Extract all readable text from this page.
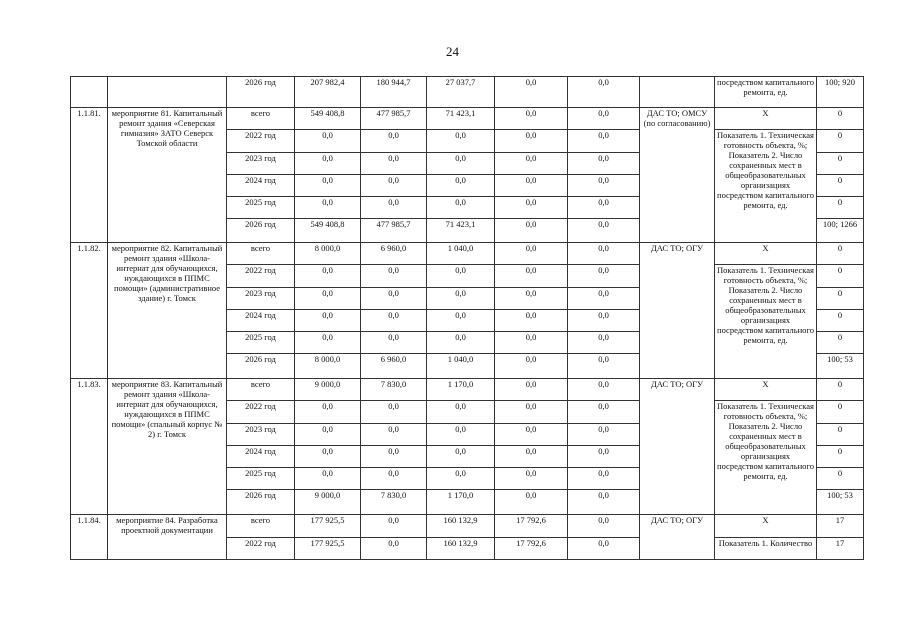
24
		2026 год	207 982,4	180 944,7	27 037,7	0,0	0,0		посредством капитального ремонта, ед.	100; 920
1.1.81.	мероприятие 81. Капитальный ремонт здания «Северская гимназия» ЗАТО Северск Томской области	всего	549 408,8	477 985,7	71 423,1	0,0	0,0	ДАС ТО; ОМСУ (по согласованию)	Х	0
		2022 год	0,0	0,0	0,0	0,0	0,0		Показатель 1. Техническая готовность объекта, %; Показатель 2. Число сохраненных мест в общеобразовательных организациях посредством капитального ремонта, ед.	0
		2023 год	0,0	0,0	0,0	0,0	0,0			0
		2024 год	0,0	0,0	0,0	0,0	0,0			0
		2025 год	0,0	0,0	0,0	0,0	0,0			0
		2026 год	549 408,8	477 985,7	71 423,1	0,0	0,0			100; 1266
1.1.82.	мероприятие 82. Капитальный ремонт здания «Школа-интернат для обучающихся, нуждающихся в ППМС помощи» (административное здание) г. Томск	всего	8 000,0	6 960,0	1 040,0	0,0	0,0	ДАС ТО; ОГУ	Х	0
		2022 год	0,0	0,0	0,0	0,0	0,0		Показатель 1. Техническая готовность объекта, %; Показатель 2. Число сохраненных мест в общеобразовательных организациях посредством капитального ремонта, ед.	0
		2023 год	0,0	0,0	0,0	0,0	0,0			0
		2024 год	0,0	0,0	0,0	0,0	0,0			0
		2025 год	0,0	0,0	0,0	0,0	0,0			0
		2026 год	8 000,0	6 960,0	1 040,0	0,0	0,0			100; 53
1.1.83.	мероприятие 83. Капитальный ремонт здания «Школа-интернат для обучающихся, нуждающихся в ППМС помощи» (спальный корпус № 2) г. Томск	всего	9 000,0	7 830,0	1 170,0	0,0	0,0	ДАС ТО; ОГУ	Х	0
		2022 год	0,0	0,0	0,0	0,0	0,0		Показатель 1. Техническая готовность объекта, %; Показатель 2. Число сохраненных мест в общеобразовательных организациях посредством капитального ремонта, ед.	0
		2023 год	0,0	0,0	0,0	0,0	0,0			0
		2024 год	0,0	0,0	0,0	0,0	0,0			0
		2025 год	0,0	0,0	0,0	0,0	0,0			0
		2026 год	9 000,0	7 830,0	1 170,0	0,0	0,0			100; 53
1.1.84.	мероприятие 84. Разработка проектной документации	всего	177 925,5	0,0	160 132,9	17 792,6	0,0	ДАС ТО; ОГУ	Х	17
		2022 год	177 925,5	0,0	160 132,9	17 792,6	0,0		Показатель 1. Количество	17
